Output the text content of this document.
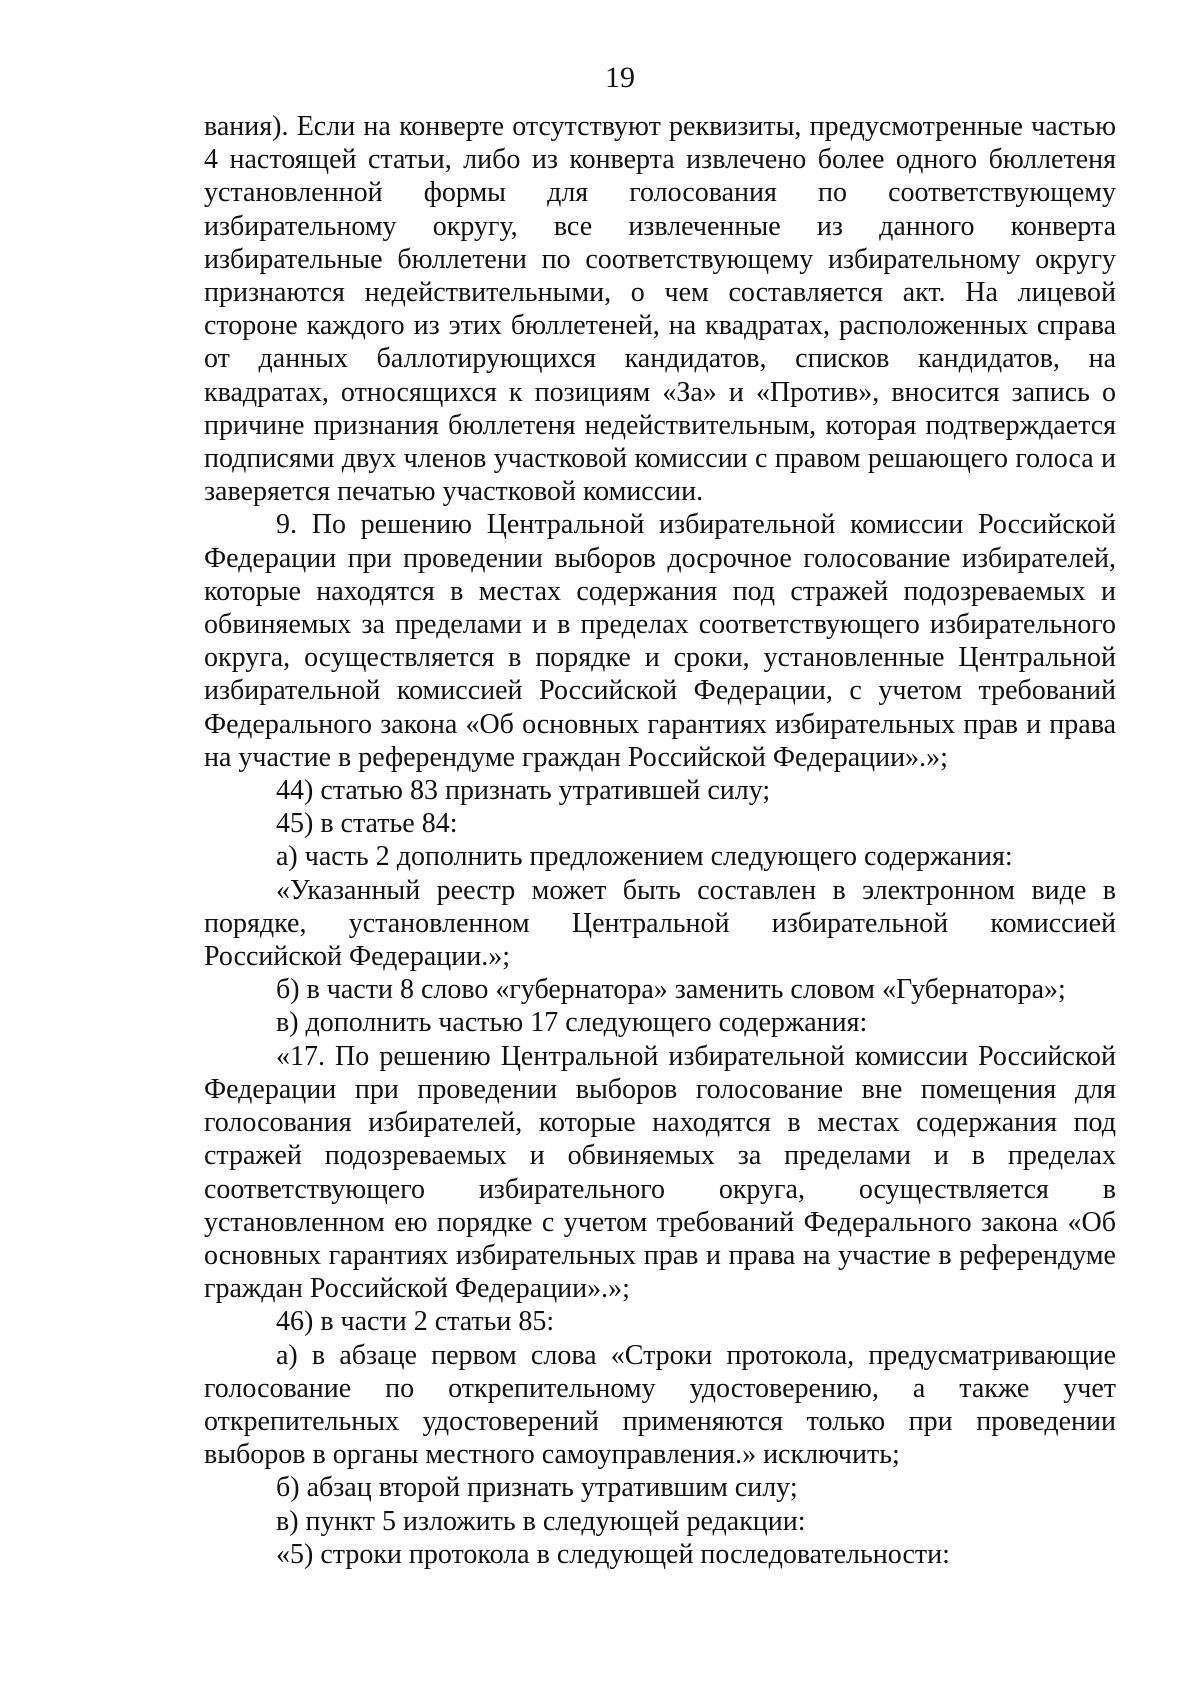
19

вания). Если на конверте отсутствуют реквизиты, предусмотренные частью 4 настоящей статьи, либо из конверта извлечено более одного бюллетеня установленной формы для голосования по соответствующему избирательному округу, все извлеченные из данного конверта избирательные бюллетени по соответствующему избирательному округу признаются недействительными, о чем составляется акт. На лицевой стороне каждого из этих бюллетеней, на квадратах, расположенных справа от данных баллотирующихся кандидатов, списков кандидатов, на квадратах, относящихся к позициям «За» и «Против», вносится запись о причине признания бюллетеня недействительным, которая подтверждается подписями двух членов участковой комиссии с правом решающего голоса и заверяется печатью участковой комиссии.

9. По решению Центральной избирательной комиссии Российской Федерации при проведении выборов досрочное голосование избирателей, которые находятся в местах содержания под стражей подозреваемых и обвиняемых за пределами и в пределах соответствующего избирательного округа, осуществляется в порядке и сроки, установленные Центральной избирательной комиссией Российской Федерации, с учетом требований Федерального закона «Об основных гарантиях избирательных прав и права на участие в референдуме граждан Российской Федерации».»;

44) статью 83 признать утратившей силу;

45) в статье 84:

а) часть 2 дополнить предложением следующего содержания:

«Указанный реестр может быть составлен в электронном виде в порядке, установленном Центральной избирательной комиссией Российской Федерации.»;

б) в части 8 слово «губернатора» заменить словом «Губернатора»;

в) дополнить частью 17 следующего содержания:

«17. По решению Центральной избирательной комиссии Российской Федерации при проведении выборов голосование вне помещения для голосования избирателей, которые находятся в местах содержания под стражей подозреваемых и обвиняемых за пределами и в пределах соответствующего избирательного округа, осуществляется в установленном ею порядке с учетом требований Федерального закона «Об основных гарантиях избирательных прав и права на участие в референдуме граждан Российской Федерации».»;

46) в части 2 статьи 85:

а) в абзаце первом слова «Строки протокола, предусматривающие голосование по открепительному удостоверению, а также учет открепительных удостоверений применяются только при проведении выборов в органы местного самоуправления.» исключить;

б) абзац второй признать утратившим силу;

в) пункт 5 изложить в следующей редакции:

«5) строки протокола в следующей последовательности:
